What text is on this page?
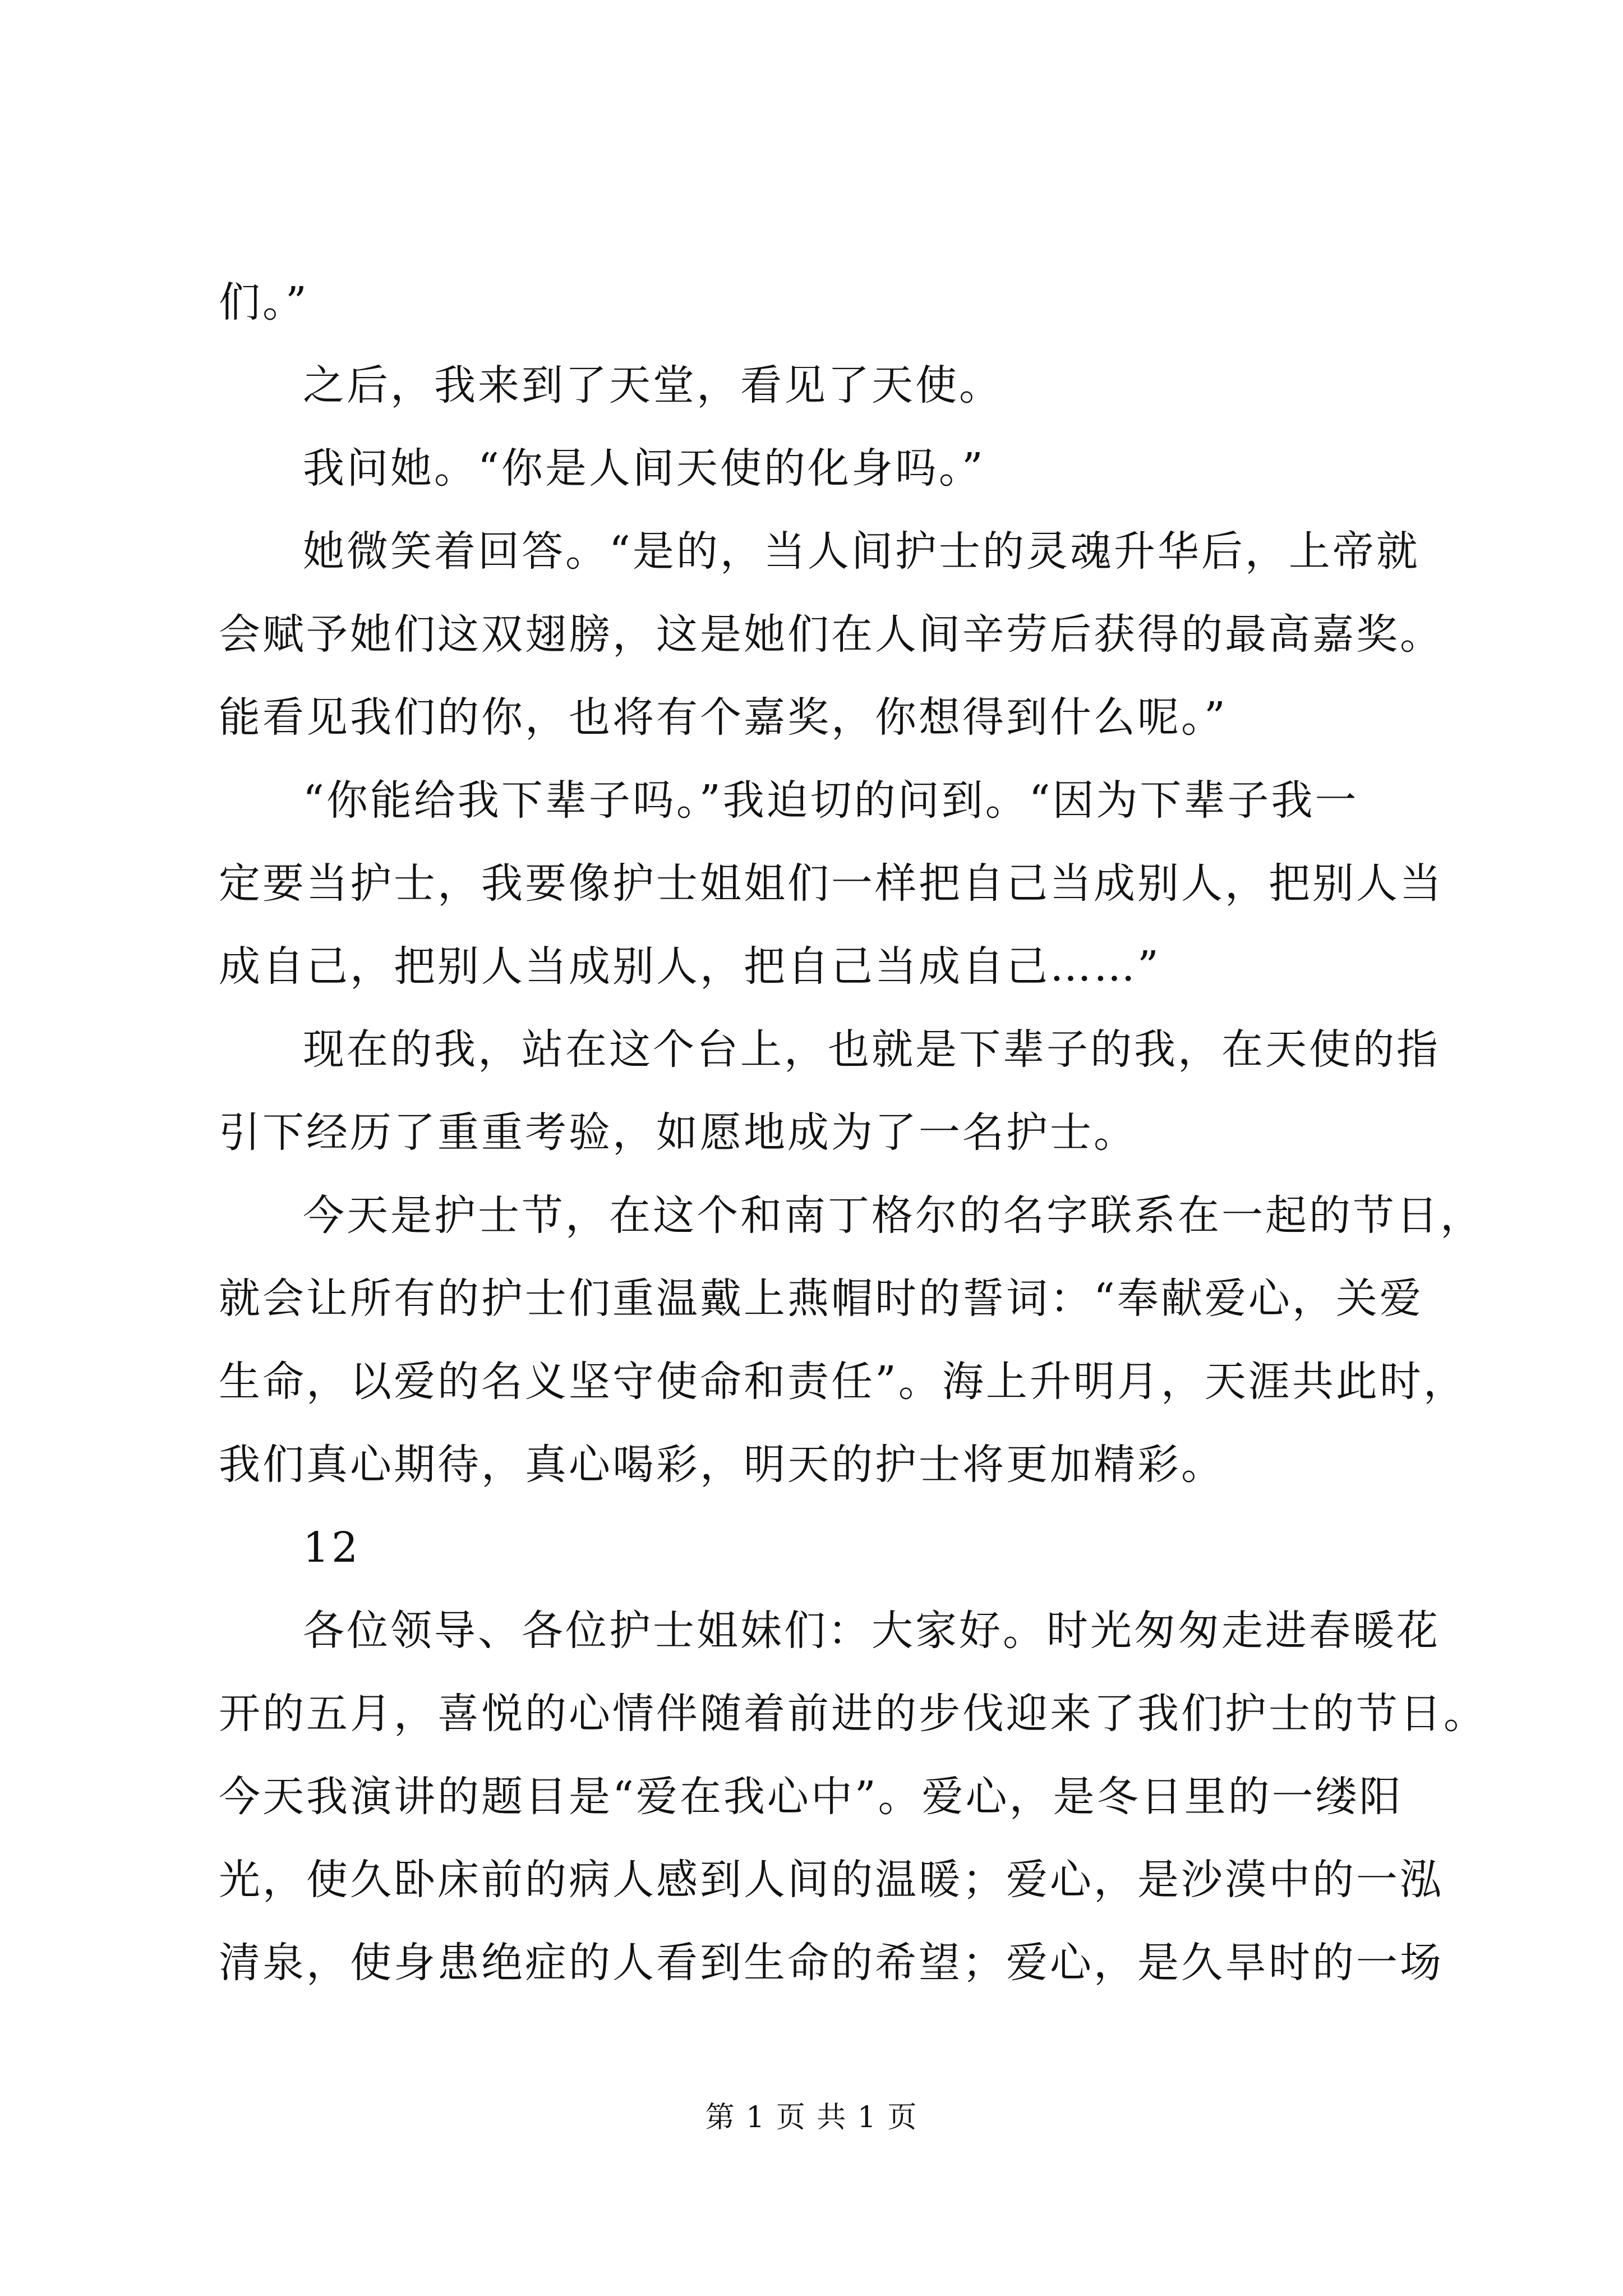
们。”
之后，我来到了天堂，看见了天使。
我问她。“你是人间天使的化身吗。”
她微笑着回答。“是的，当人间护士的灵魂升华后，上帝就
会赋予她们这双翅膀，这是她们在人间辛劳后获得的最高嘉奖。
能看见我们的你，也将有个嘉奖，你想得到什么呢。”
“你能给我下辈子吗。”我迫切的问到。“因为下辈子我一
定要当护士，我要像护士姐姐们一样把自己当成别人，把别人当
成自己，把别人当成别人，把自己当成自己……”
现在的我，站在这个台上，也就是下辈子的我，在天使的指
引下经历了重重考验，如愿地成为了一名护士。
今天是护士节，在这个和南丁格尔的名字联系在一起的节日，
就会让所有的护士们重温戴上燕帽时的誓词：“奉献爱心，关爱
生命，以爱的名义坚守使命和责任”。海上升明月，天涯共此时，
我们真心期待，真心喝彩，明天的护士将更加精彩。
12
各位领导、各位护士姐妹们：大家好。时光匆匆走进春暖花
开的五月，喜悦的心情伴随着前进的步伐迎来了我们护士的节日。
今天我演讲的题目是“爱在我心中”。爱心，是冬日里的一缕阳
光，使久卧床前的病人感到人间的温暖；爱心，是沙漠中的一泓
清泉，使身患绝症的人看到生命的希望；爱心，是久旱时的一场
第 1 页 共 1 页
